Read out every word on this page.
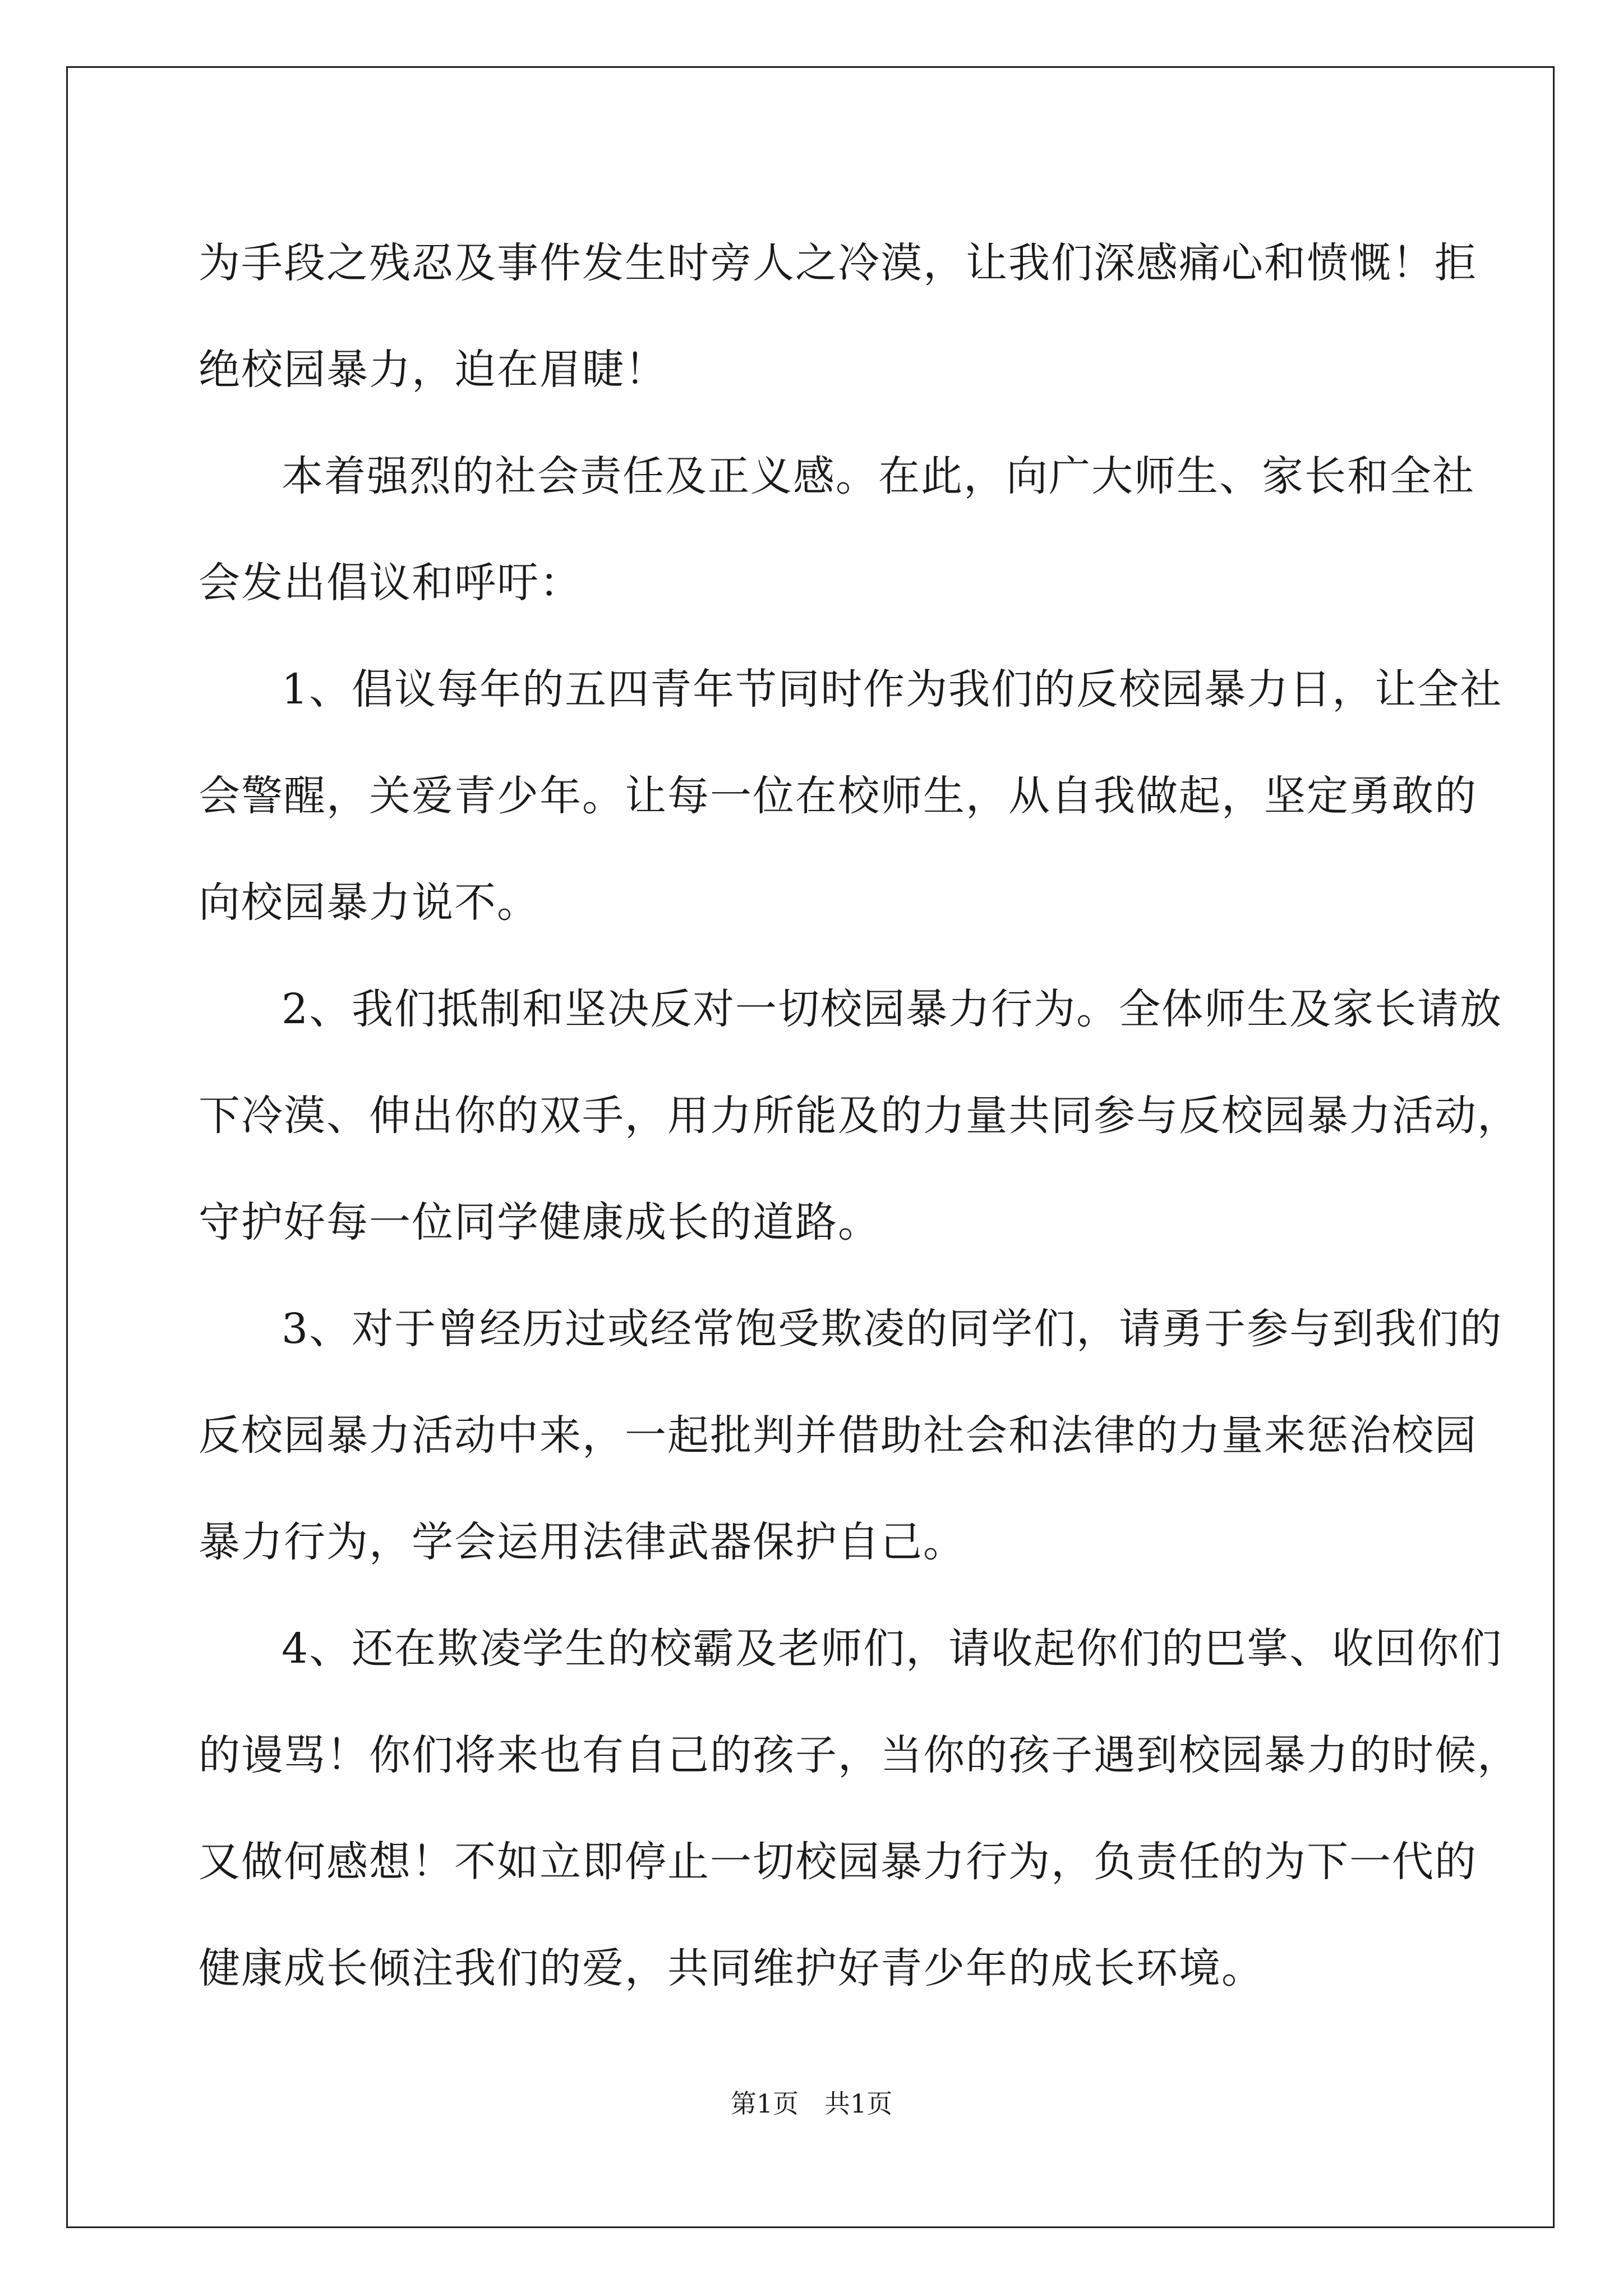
为手段之残忍及事件发生时旁人之冷漠，让我们深感痛心和愤慨！拒
绝校园暴力，迫在眉睫！
本着强烈的社会责任及正义感。在此，向广大师生、家长和全社
会发出倡议和呼吁：
1、倡议每年的五四青年节同时作为我们的反校园暴力日，让全社
会警醒，关爱青少年。让每一位在校师生，从自我做起，坚定勇敢的
向校园暴力说不。
2、我们抵制和坚决反对一切校园暴力行为。全体师生及家长请放
下冷漠、伸出你的双手，用力所能及的力量共同参与反校园暴力活动，
守护好每一位同学健康成长的道路。
3、对于曾经历过或经常饱受欺凌的同学们，请勇于参与到我们的
反校园暴力活动中来，一起批判并借助社会和法律的力量来惩治校园
暴力行为，学会运用法律武器保护自己。
4、还在欺凌学生的校霸及老师们，请收起你们的巴掌、收回你们
的谩骂！你们将来也有自己的孩子，当你的孩子遇到校园暴力的时候，
又做何感想！不如立即停止一切校园暴力行为，负责任的为下一代的
健康成长倾注我们的爱，共同维护好青少年的成长环境。
第1页 共1页
